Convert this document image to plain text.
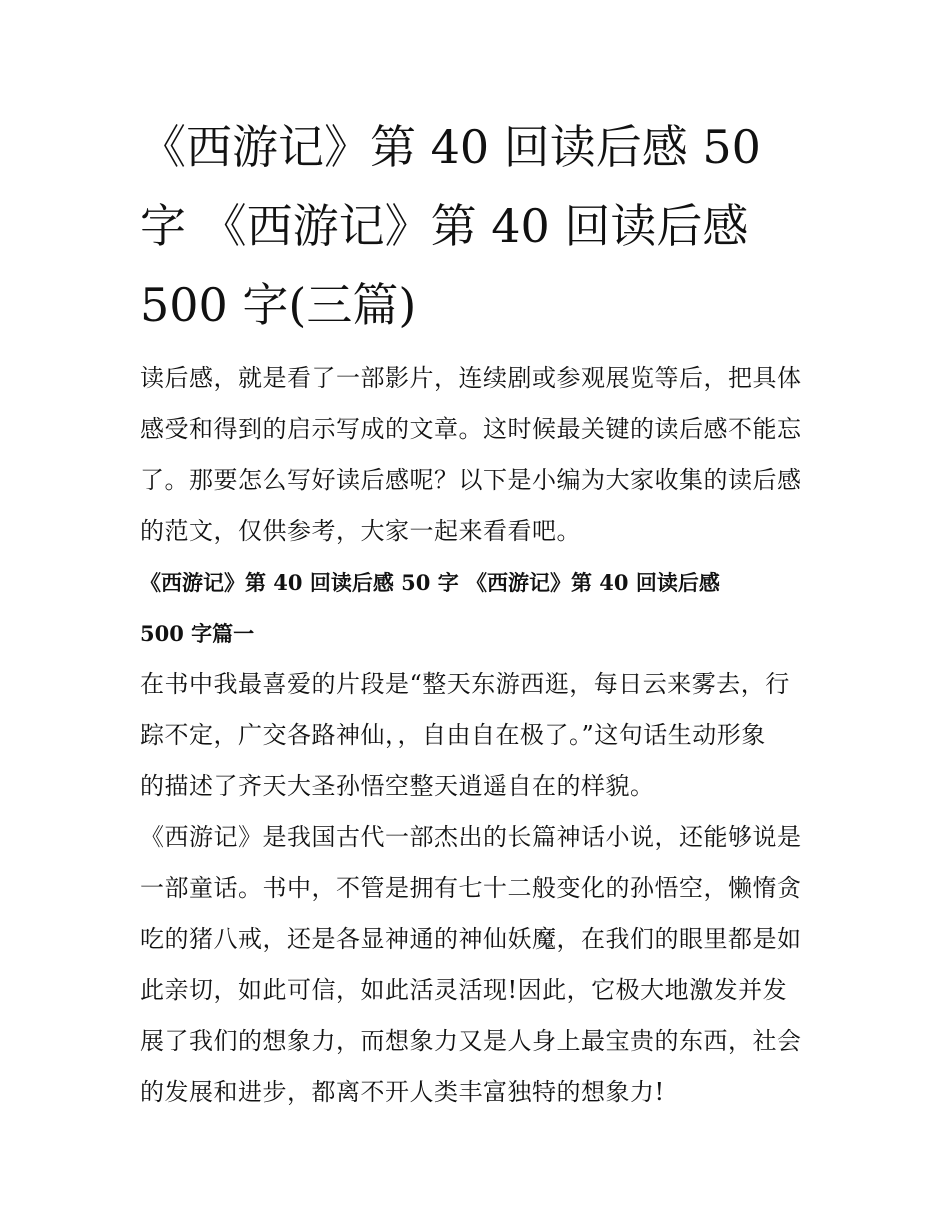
《西游记》第 40 回读后感 50
字 《西游记》第 40 回读后感
500 字(三篇)

读后感，就是看了一部影片，连续剧或参观展览等后，把具体
感受和得到的启示写成的文章。这时候最关键的读后感不能忘
了。那要怎么写好读后感呢？以下是小编为大家收集的读后感
的范文，仅供参考，大家一起来看看吧。

《西游记》第 40 回读后感 50 字 《西游记》第 40 回读后感
500 字篇一

在书中我最喜爱的片段是“整天东游西逛，每日云来雾去，行
踪不定，广交各路神仙，，自由自在极了。”这句话生动形象
的描述了齐天大圣孙悟空整天逍遥自在的样貌。

《西游记》是我国古代一部杰出的长篇神话小说，还能够说是
一部童话。书中，不管是拥有七十二般变化的孙悟空，懒惰贪
吃的猪八戒，还是各显神通的神仙妖魔，在我们的眼里都是如
此亲切，如此可信，如此活灵活现!因此，它极大地激发并发
展了我们的想象力，而想象力又是人身上最宝贵的东西，社会
的发展和进步，都离不开人类丰富独特的想象力!
